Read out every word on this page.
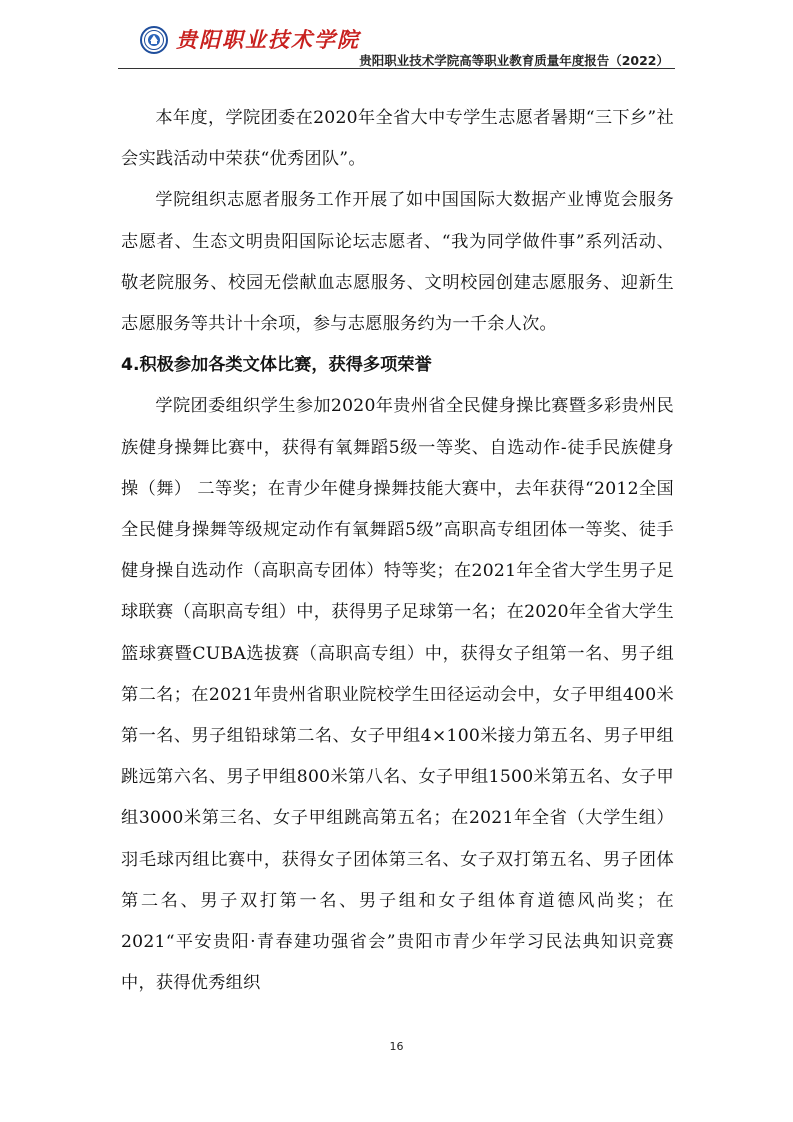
贵阳职业技术学院
贵阳职业技术学院高等职业教育质量年度报告（2022）

本年度，学院团委在2020年全省大中专学生志愿者暑期“三下乡”社会实践活动中荣获“优秀团队”。

学院组织志愿者服务工作开展了如中国国际大数据产业博览会服务志愿者、生态文明贵阳国际论坛志愿者、“我为同学做件事”系列活动、敬老院服务、校园无偿献血志愿服务、文明校园创建志愿服务、迎新生志愿服务等共计十余项，参与志愿服务约为一千余人次。

4.积极参加各类文体比赛，获得多项荣誉

学院团委组织学生参加2020年贵州省全民健身操比赛暨多彩贵州民族健身操舞比赛中，获得有氧舞蹈5级一等奖、自选动作-徒手民族健身操（舞） 二等奖；在青少年健身操舞技能大赛中，去年获得“2012全国全民健身操舞等级规定动作有氧舞蹈5级”高职高专组团体一等奖、徒手健身操自选动作（高职高专团体）特等奖；在2021年全省大学生男子足球联赛（高职高专组）中，获得男子足球第一名；在2020年全省大学生篮球赛暨CUBA选拔赛（高职高专组）中，获得女子组第一名、男子组第二名；在2021年贵州省职业院校学生田径运动会中，女子甲组400米第一名、男子组铅球第二名、女子甲组4×100米接力第五名、男子甲组跳远第六名、男子甲组800米第八名、女子甲组1500米第五名、女子甲组3000米第三名、女子甲组跳高第五名；在2021年全省（大学生组）羽毛球丙组比赛中，获得女子团体第三名、女子双打第五名、男子团体第二名、男子双打第一名、男子组和女子组体育道德风尚奖；在2021“平安贵阳·青春建功强省会”贵阳市青少年学习民法典知识竞赛中，获得优秀组织

16
